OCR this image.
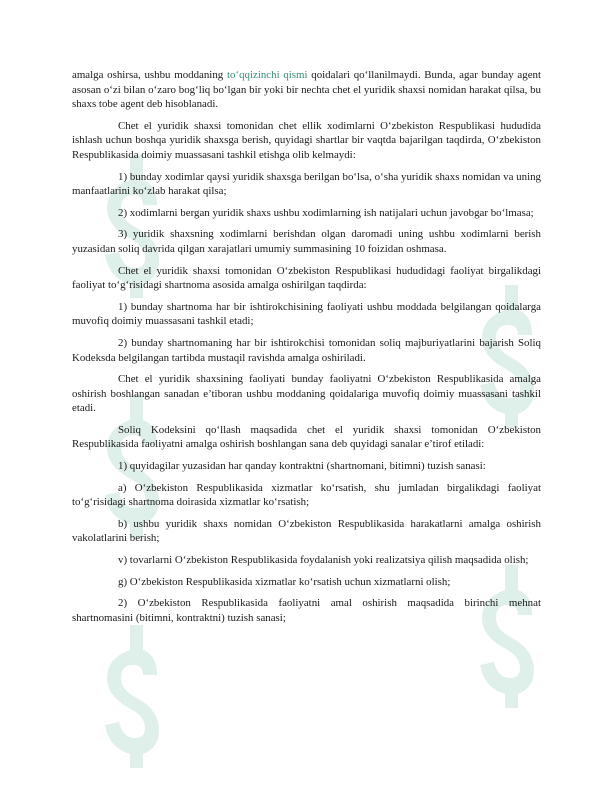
amalga oshirsa, ushbu moddaning to‘qqizinchi qismi qoidalari qo‘llanilmaydi. Bunda, agar bunday agent asosan o‘zi bilan o‘zaro bog‘liq bo‘lgan bir yoki bir nechta chet el yuridik shaxsi nomidan harakat qilsa, bu shaxs tobe agent deb hisoblanadi.

Chet el yuridik shaxsi tomonidan chet ellik xodimlarni O‘zbekiston Respublikasi hududida ishlash uchun boshqa yuridik shaxsga berish, quyidagi shartlar bir vaqtda bajarilgan taqdirda, O‘zbekiston Respublikasida doimiy muassasani tashkil etishga olib kelmaydi:

1) bunday xodimlar qaysi yuridik shaxsga berilgan bo‘lsa, o‘sha yuridik shaxs nomidan va uning manfaatlarini ko‘zlab harakat qilsa;

2) xodimlarni bergan yuridik shaxs ushbu xodimlarning ish natijalari uchun javobgar bo‘lmasa;

3) yuridik shaxsning xodimlarni berishdan olgan daromadi uning ushbu xodimlarni berish yuzasidan soliq davrida qilgan xarajatlari umumiy summasining 10 foizidan oshmasa.

Chet el yuridik shaxsi tomonidan O‘zbekiston Respublikasi hududidagi faoliyat birgalikdagi faoliyat to‘g‘risidagi shartnoma asosida amalga oshirilgan taqdirda:

1) bunday shartnoma har bir ishtirokchisining faoliyati ushbu moddada belgilangan qoidalarga muvofiq doimiy muassasani tashkil etadi;

2) bunday shartnomaning har bir ishtirokchisi tomonidan soliq majburiyatlarini bajarish Soliq Kodeksda belgilangan tartibda mustaqil ravishda amalga oshiriladi.

Chet el yuridik shaxsining faoliyati bunday faoliyatni O‘zbekiston Respublikasida amalga oshirish boshlangan sanadan e’tiboran ushbu moddaning qoidalariga muvofiq doimiy muassasani tashkil etadi.

Soliq Kodeksini qo‘llash maqsadida chet el yuridik shaxsi tomonidan O‘zbekiston Respublikasida faoliyatni amalga oshirish boshlangan sana deb quyidagi sanalar e’tirof etiladi:

1) quyidagilar yuzasidan har qanday kontraktni (shartnomani, bitimni) tuzish sanasi:

a) O‘zbekiston Respublikasida xizmatlar ko‘rsatish, shu jumladan birgalikdagi faoliyat to‘g‘risidagi shartnoma doirasida xizmatlar ko‘rsatish;

b) ushbu yuridik shaxs nomidan O‘zbekiston Respublikasida harakatlarni amalga oshirish vakolatlarini berish;

v) tovarlarni O‘zbekiston Respublikasida foydalanish yoki realizatsiya qilish maqsadida olish;

g) O‘zbekiston Respublikasida xizmatlar ko‘rsatish uchun xizmatlarni olish;

2) O‘zbekiston Respublikasida faoliyatni amal oshirish maqsadida birinchi mehnat shartnomasini (bitimni, kontraktni) tuzish sanasi;
